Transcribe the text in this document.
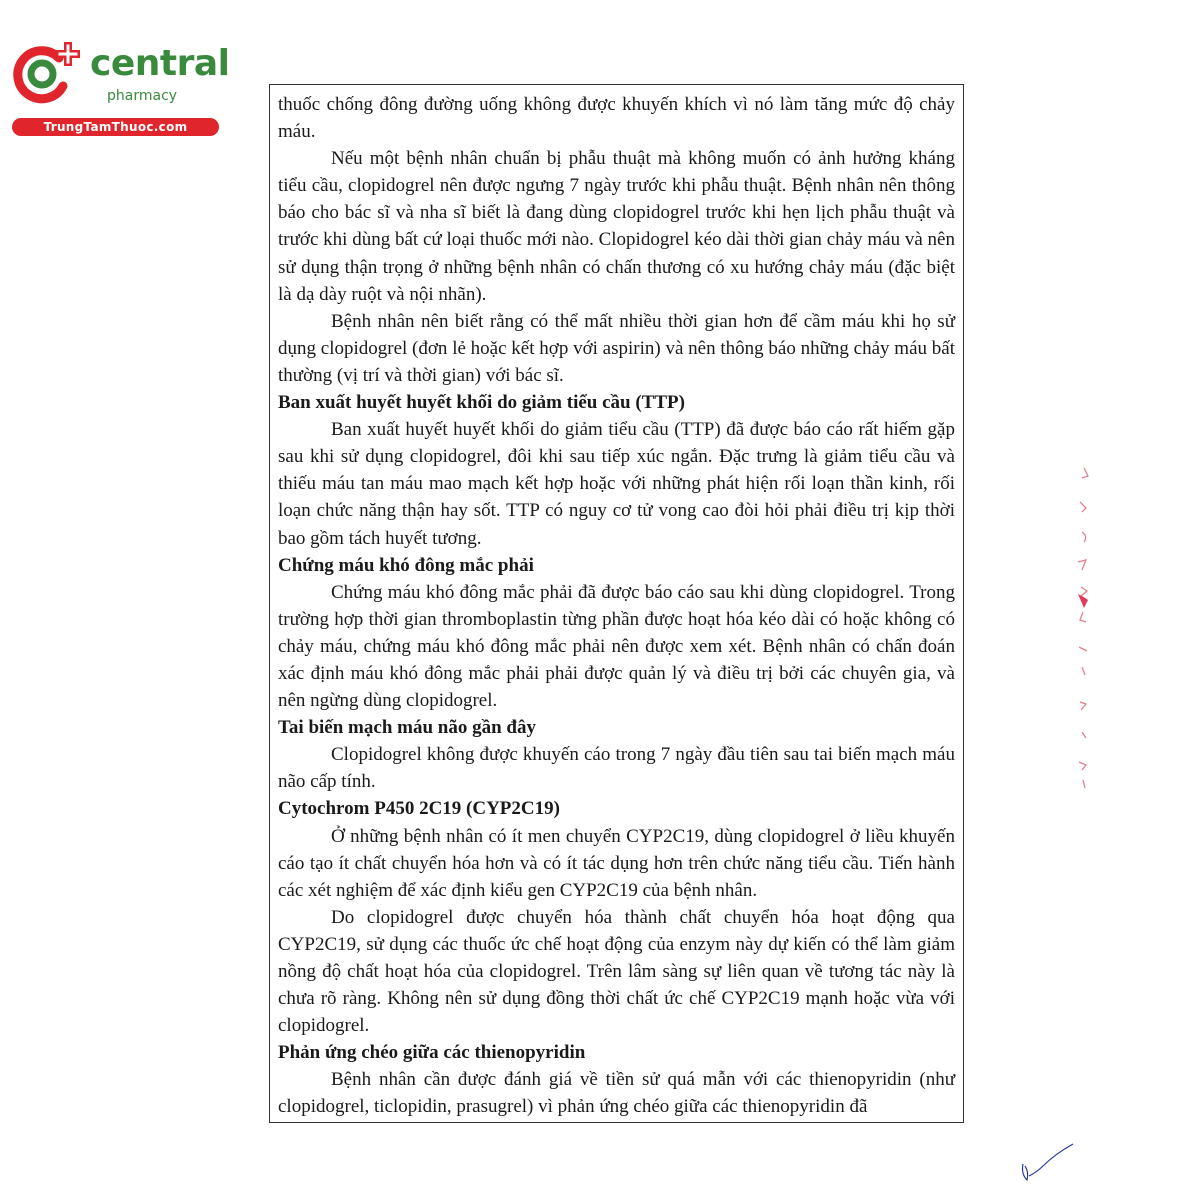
central
pharmacy
TrungTamThuoc.com

thuốc chống đông đường uống không được khuyến khích vì nó làm tăng mức độ chảy máu.

Nếu một bệnh nhân chuẩn bị phẫu thuật mà không muốn có ảnh hưởng kháng tiểu cầu, clopidogrel nên được ngưng 7 ngày trước khi phẫu thuật. Bệnh nhân nên thông báo cho bác sĩ và nha sĩ biết là đang dùng clopidogrel trước khi hẹn lịch phẫu thuật và trước khi dùng bất cứ loại thuốc mới nào. Clopidogrel kéo dài thời gian chảy máu và nên sử dụng thận trọng ở những bệnh nhân có chấn thương có xu hướng chảy máu (đặc biệt là dạ dày ruột và nội nhãn).

Bệnh nhân nên biết rằng có thể mất nhiều thời gian hơn để cầm máu khi họ sử dụng clopidogrel (đơn lẻ hoặc kết hợp với aspirin) và nên thông báo những chảy máu bất thường (vị trí và thời gian) với bác sĩ.

Ban xuất huyết huyết khối do giảm tiểu cầu (TTP)

Ban xuất huyết huyết khối do giảm tiểu cầu (TTP) đã được báo cáo rất hiếm gặp sau khi sử dụng clopidogrel, đôi khi sau tiếp xúc ngắn. Đặc trưng là giảm tiểu cầu và thiếu máu tan máu mao mạch kết hợp hoặc với những phát hiện rối loạn thần kinh, rối loạn chức năng thận hay sốt. TTP có nguy cơ tử vong cao đòi hỏi phải điều trị kịp thời bao gồm tách huyết tương.

Chứng máu khó đông mắc phải

Chứng máu khó đông mắc phải đã được báo cáo sau khi dùng clopidogrel. Trong trường hợp thời gian thromboplastin từng phần được hoạt hóa kéo dài có hoặc không có chảy máu, chứng máu khó đông mắc phải nên được xem xét. Bệnh nhân có chẩn đoán xác định máu khó đông mắc phải phải được quản lý và điều trị bởi các chuyên gia, và nên ngừng dùng clopidogrel.

Tai biến mạch máu não gần đây

Clopidogrel không được khuyến cáo trong 7 ngày đầu tiên sau tai biến mạch máu não cấp tính.

Cytochrom P450 2C19 (CYP2C19)

Ở những bệnh nhân có ít men chuyển CYP2C19, dùng clopidogrel ở liều khuyến cáo tạo ít chất chuyển hóa hơn và có ít tác dụng hơn trên chức năng tiểu cầu. Tiến hành các xét nghiệm để xác định kiểu gen CYP2C19 của bệnh nhân.

Do clopidogrel được chuyển hóa thành chất chuyển hóa hoạt động qua CYP2C19, sử dụng các thuốc ức chế hoạt động của enzym này dự kiến có thể làm giảm nồng độ chất hoạt hóa của clopidogrel. Trên lâm sàng sự liên quan về tương tác này là chưa rõ ràng. Không nên sử dụng đồng thời chất ức chế CYP2C19 mạnh hoặc vừa với clopidogrel.

Phản ứng chéo giữa các thienopyridin

Bệnh nhân cần được đánh giá về tiền sử quá mẫn với các thienopyridin (như clopidogrel, ticlopidin, prasugrel) vì phản ứng chéo giữa các thienopyridin đã
